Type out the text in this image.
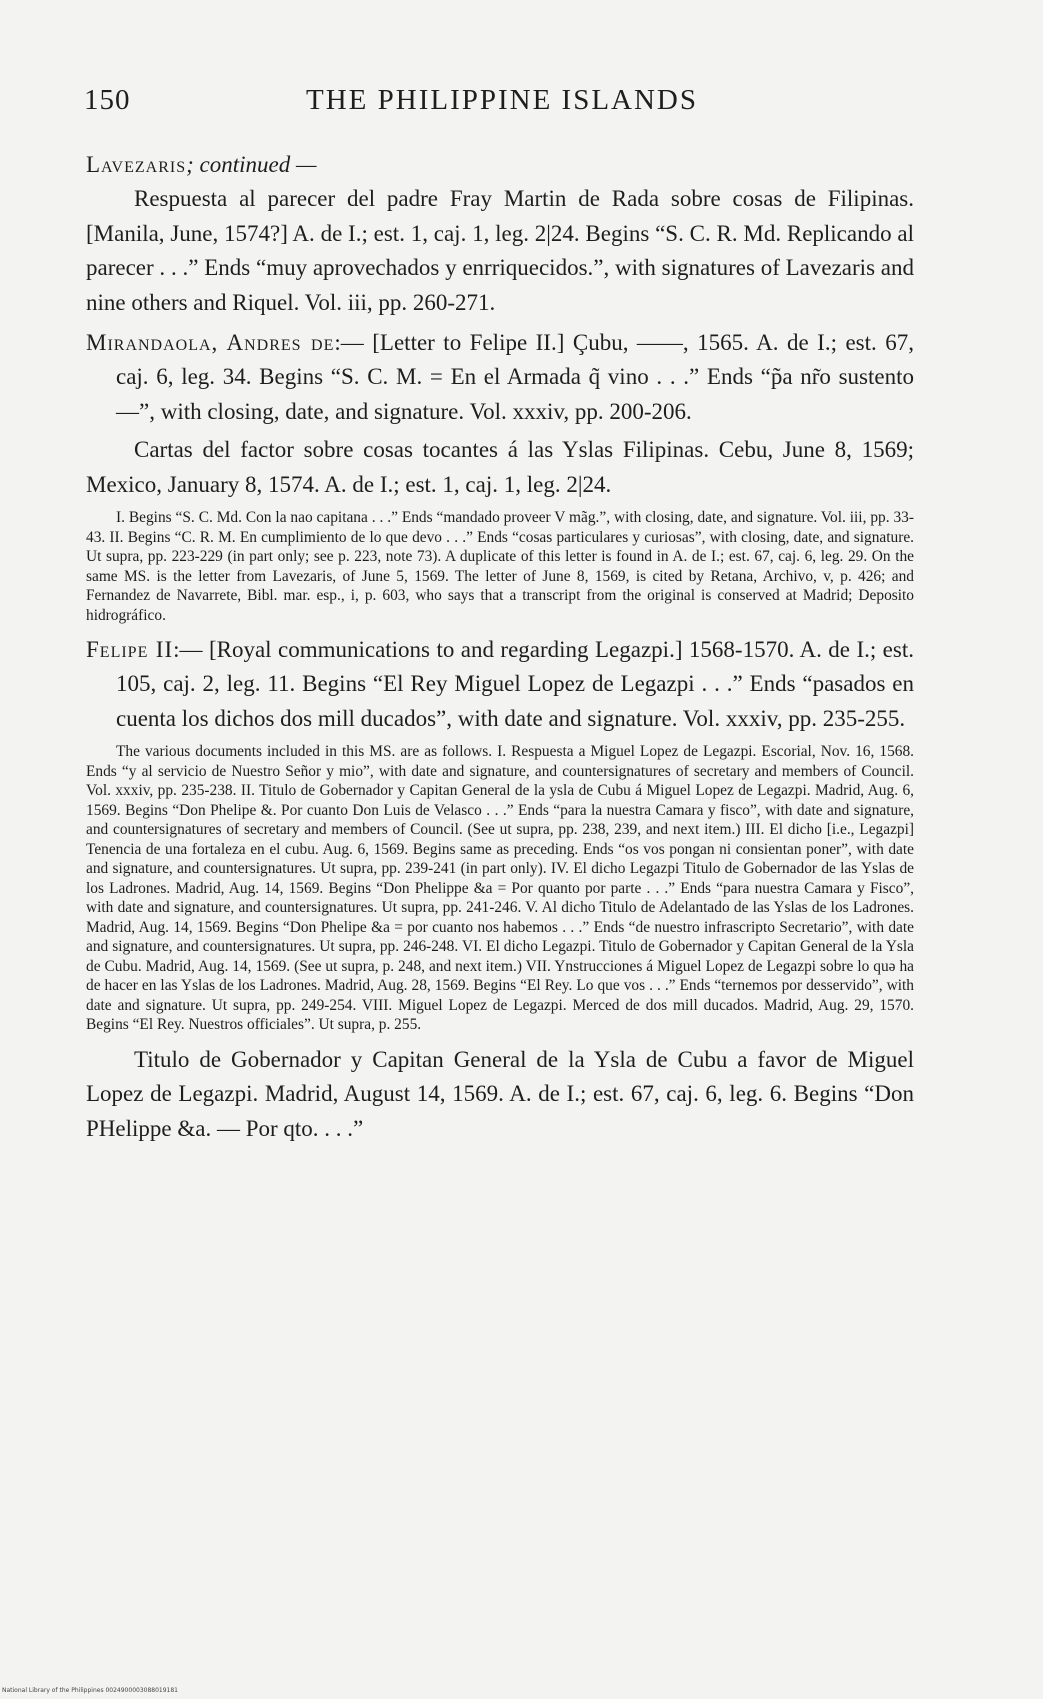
150	THE PHILIPPINE ISLANDS

Lavezaris; continued —

Respuesta al parecer del padre Fray Martin de Rada sobre cosas de Filipinas. [Manila, June, 1574?] A. de I.; est. 1, caj. 1, leg. 2|24. Begins “S. C. R. Md. Replicando al parecer . . .” Ends “muy aprovechados y enrriquecidos.”, with signatures of Lavezaris and nine others and Riquel. Vol. iii, pp. 260-271.

Mirandaola, Andres de:— [Letter to Felipe II.] Çubu, ——, 1565. A. de I.; est. 67, caj. 6, leg. 34. Begins “S. C. M. = En el Armada q̃ vino . . .” Ends “p̃a nr̃o sustento —”, with closing, date, and signature. Vol. xxxiv, pp. 200-206.

Cartas del factor sobre cosas tocantes á las Yslas Filipinas. Cebu, June 8, 1569; Mexico, January 8, 1574. A. de I.; est. 1, caj. 1, leg. 2|24.

I. Begins “S. C. Md. Con la nao capitana . . .” Ends “mandado proveer V mãg.”, with closing, date, and signature. Vol. iii, pp. 33-43. II. Begins “C. R. M. En cumplimiento de lo que devo . . .” Ends “cosas particulares y curiosas”, with closing, date, and signature. Ut supra, pp. 223-229 (in part only; see p. 223, note 73). A duplicate of this letter is found in A. de I.; est. 67, caj. 6, leg. 29. On the same MS. is the letter from Lavezaris, of June 5, 1569. The letter of June 8, 1569, is cited by Retana, Archivo, v, p. 426; and Fernandez de Navarrete, Bibl. mar. esp., i, p. 603, who says that a transcript from the original is conserved at Madrid; Deposito hidrográfico.

Felipe II:— [Royal communications to and regarding Legazpi.] 1568-1570. A. de I.; est. 105, caj. 2, leg. 11. Begins “El Rey Miguel Lopez de Legazpi . . .” Ends “pasados en cuenta los dichos dos mill ducados”, with date and signature. Vol. xxxiv, pp. 235-255.

The various documents included in this MS. are as follows. I. Respuesta a Miguel Lopez de Legazpi. Escorial, Nov. 16, 1568. Ends “y al servicio de Nuestro Señor y mio”, with date and signature, and countersignatures of secretary and members of Council. Vol. xxxiv, pp. 235-238. II. Titulo de Gobernador y Capitan General de la ysla de Cubu á Miguel Lopez de Legazpi. Madrid, Aug. 6, 1569. Begins “Don Phelipe &. Por cuanto Don Luis de Velasco . . .” Ends “para la nuestra Camara y fisco”, with date and signature, and countersignatures of secretary and members of Council. (See ut supra, pp. 238, 239, and next item.) III. El dicho [i.e., Legazpi] Tenencia de una fortaleza en el cubu. Aug. 6, 1569. Begins same as preceding. Ends “os vos pongan ni consientan poner”, with date and signature, and countersignatures. Ut supra, pp. 239-241 (in part only). IV. El dicho Legazpi Titulo de Gobernador de las Yslas de los Ladrones. Madrid, Aug. 14, 1569. Begins “Don Phelippe &a = Por quanto por parte . . .” Ends “para nuestra Camara y Fisco”, with date and signature, and countersignatures. Ut supra, pp. 241-246. V. Al dicho Titulo de Adelantado de las Yslas de los Ladrones. Madrid, Aug. 14, 1569. Begins “Don Phelipe &a = por cuanto nos habemos . . .” Ends “de nuestro infrascripto Secretario”, with date and signature, and countersignatures. Ut supra, pp. 246-248. VI. El dicho Legazpi. Titulo de Gobernador y Capitan General de la Ysla de Cubu. Madrid, Aug. 14, 1569. (See ut supra, p. 248, and next item.) VII. Ynstrucciones á Miguel Lopez de Legazpi sobre lo quə ha de hacer en las Yslas de los Ladrones. Madrid, Aug. 28, 1569. Begins “El Rey. Lo que vos . . .” Ends “ternemos por desservido”, with date and signature. Ut supra, pp. 249-254. VIII. Miguel Lopez de Legazpi. Merced de dos mill ducados. Madrid, Aug. 29, 1570. Begins “El Rey. Nuestros officiales”. Ut supra, p. 255.

Titulo de Gobernador y Capitan General de la Ysla de Cubu a favor de Miguel Lopez de Legazpi. Madrid, August 14, 1569. A. de I.; est. 67, caj. 6, leg. 6. Begins “Don PHelippe &a. — Por qto. . . .”

National Library of the Philippines 0024900003088019181
